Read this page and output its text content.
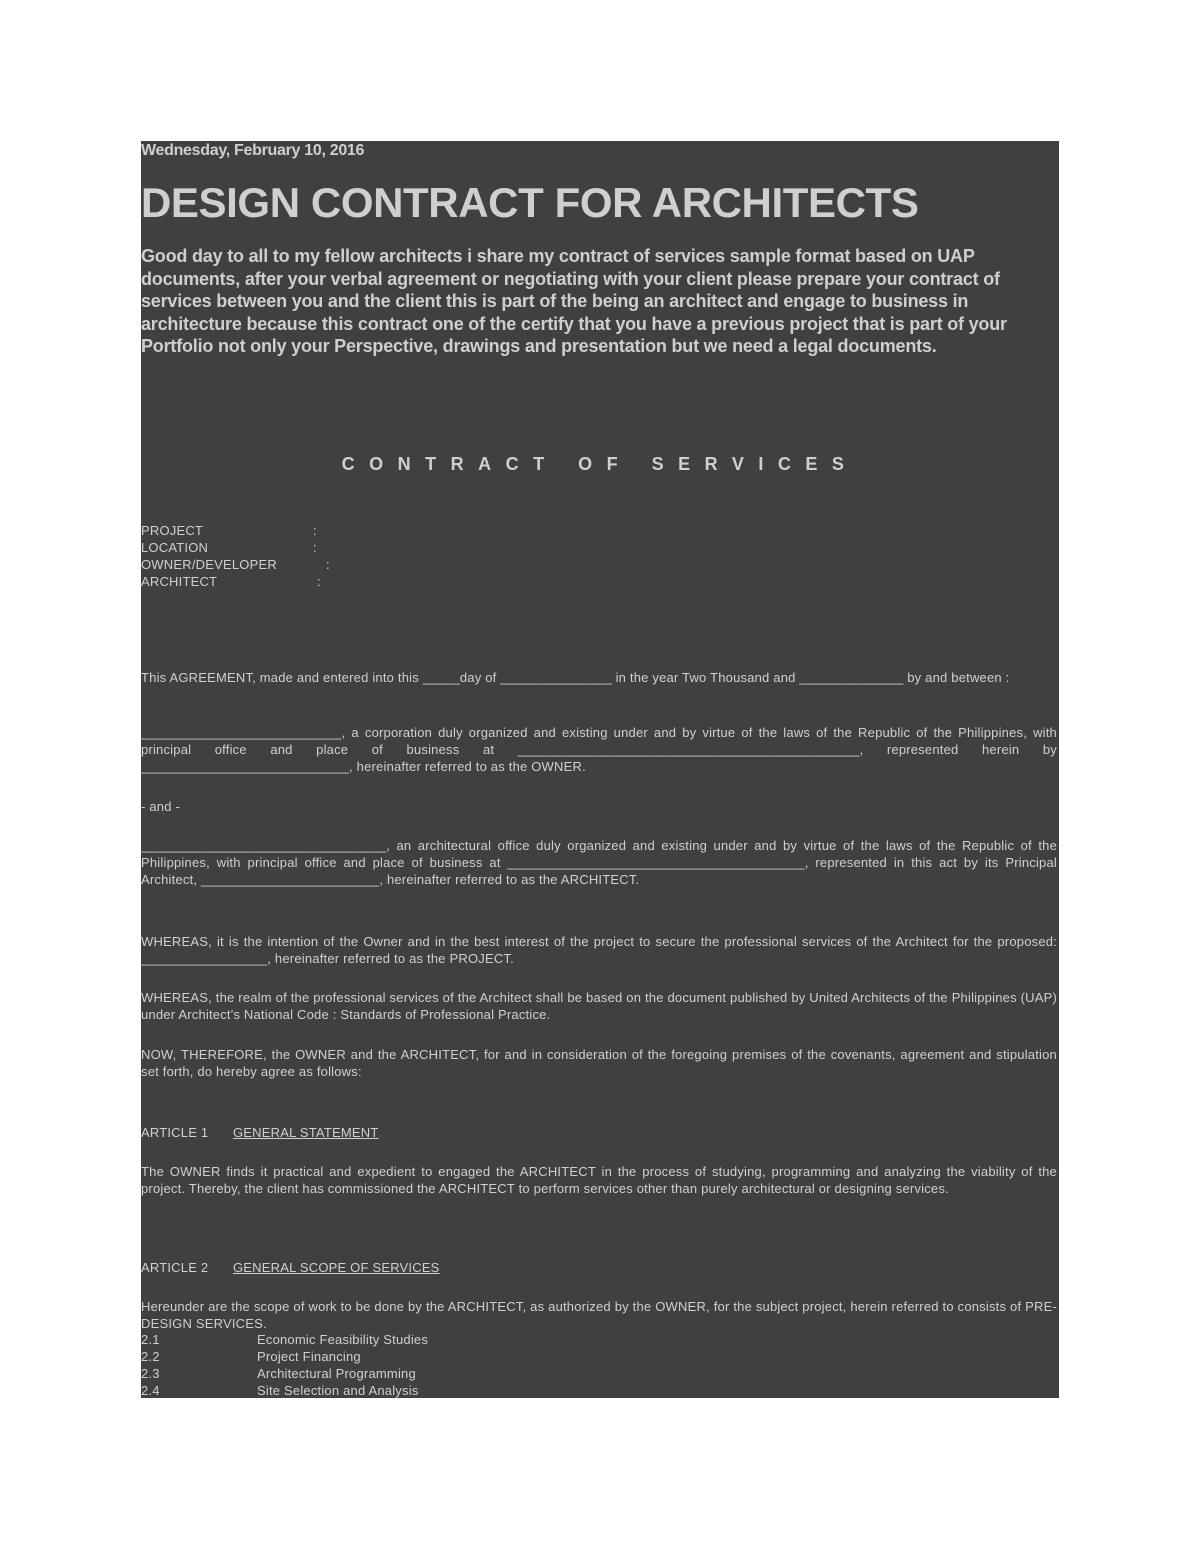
Wednesday, February 10, 2016
DESIGN CONTRACT FOR ARCHITECTS
Good day to all to my fellow architects i share my contract of services sample format based on UAP documents, after your verbal agreement or negotiating with your client please prepare your contract of services between you and the client this is part of the being an architect and engage to business in architecture because this contract one of the certify that you have a previous project that is part of your Portfolio not only your Perspective, drawings and presentation but we need a legal documents.
CONTRACT OF SERVICES
PROJECT	:
LOCATION	:
OWNER/DEVELOPER	:
ARCHITECT	:
This AGREEMENT, made and entered into this _____day of _______________ in the year Two Thousand and ______________ by and between :
___________________________, a corporation duly organized and existing under and by virtue of the laws of the Republic of the Philippines, with principal office and place of business at ______________________________________________, represented herein by ____________________________, hereinafter referred to as the OWNER.
- and -
_________________________________, an architectural office duly organized and existing under and by virtue of the laws of the Republic of the Philippines, with principal office and place of business at ________________________________________, represented in this act by its Principal Architect, ________________________, hereinafter referred to as the ARCHITECT.
WHEREAS, it is the intention of the Owner and in the best interest of the project to secure the professional services of the Architect for the proposed: _________________, hereinafter referred to as the PROJECT.
WHEREAS, the realm of the professional services of the Architect shall be based on the document published by United Architects of the Philippines (UAP) under Architect's National Code : Standards of Professional Practice.
NOW, THEREFORE, the OWNER and the ARCHITECT, for and in consideration of the foregoing premises of the covenants, agreement and stipulation set forth, do hereby agree as follows:
ARTICLE 1 GENERAL STATEMENT
The OWNER finds it practical and expedient to engaged the ARCHITECT in the process of studying, programming and analyzing the viability of the project. Thereby, the client has commissioned the ARCHITECT to perform services other than purely architectural or designing services.
ARTICLE 2 GENERAL SCOPE OF SERVICES
Hereunder are the scope of work to be done by the ARCHITECT, as authorized by the OWNER, for the subject project, herein referred to consists of PRE-DESIGN SERVICES.
2.1	Economic Feasibility Studies
2.2	Project Financing
2.3	Architectural Programming
2.4	Site Selection and Analysis
